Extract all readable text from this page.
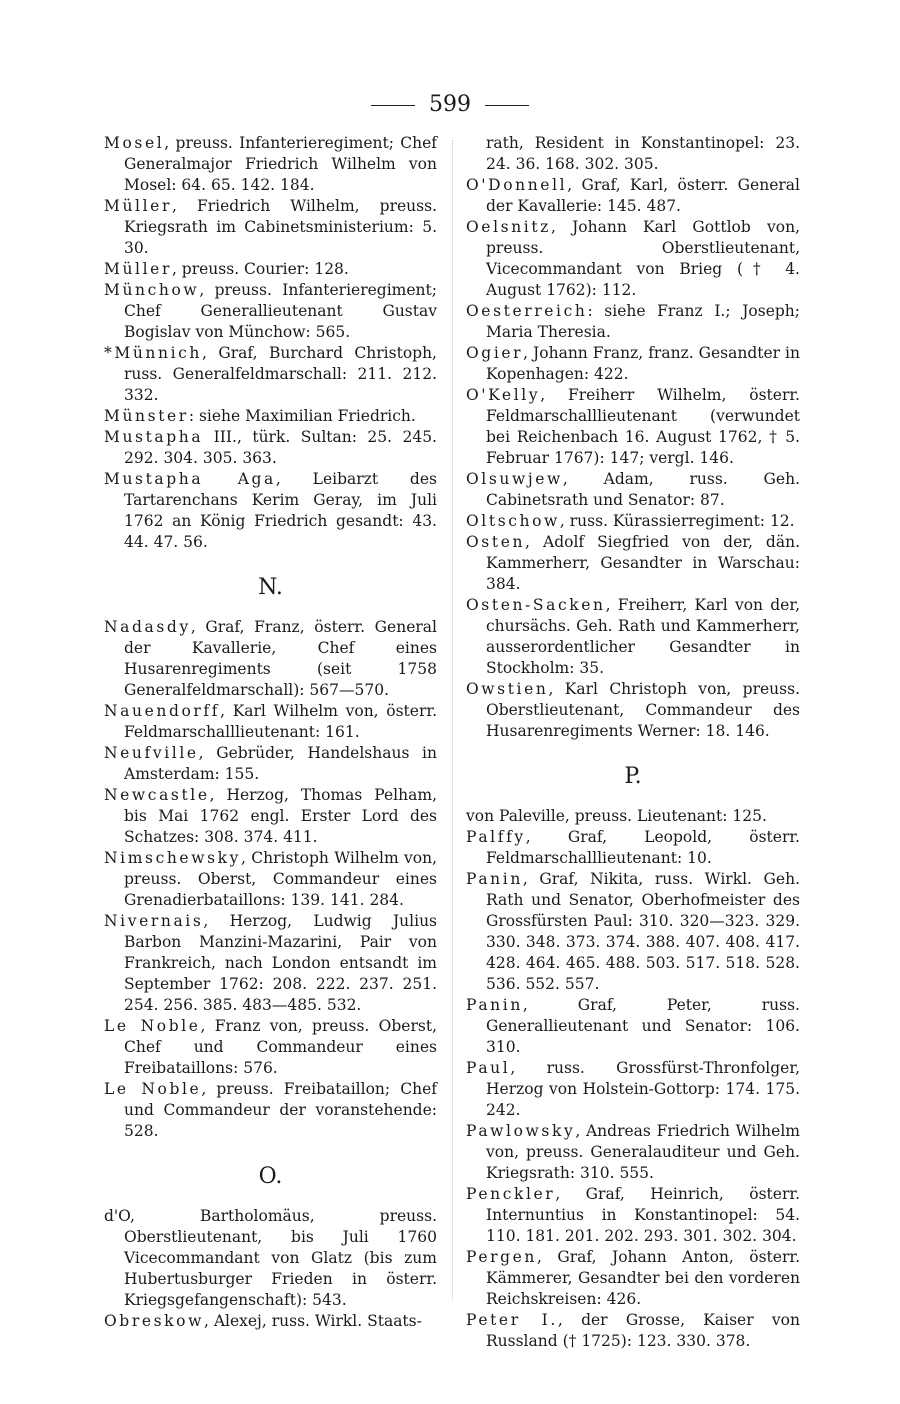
599
Mosel, preuss. Infanterieregiment; Chef Generalmajor Friedrich Wilhelm von Mosel: 64. 65. 142. 184.
Müller, Friedrich Wilhelm, preuss. Kriegsrath im Cabinetsministerium: 5. 30.
Müller, preuss. Courier: 128.
Münchow, preuss. Infanterieregiment; Chef Generallieutenant Gustav Bogislav von Münchow: 565.
*Münnich, Graf, Burchard Christoph, russ. Generalfeldmarschall: 211. 212. 332.
Münster: siehe Maximilian Friedrich.
Mustapha III., türk. Sultan: 25. 245. 292. 304. 305. 363.
Mustapha Aga, Leibarzt des Tartarenchans Kerim Geray, im Juli 1762 an König Friedrich gesandt: 43. 44. 47. 56.
N.
Nadasdy, Graf, Franz, österr. General der Kavallerie, Chef eines Husarenregiments (seit 1758 Generalfeldmarschall): 567—570.
Nauendorff, Karl Wilhelm von, österr. Feldmarschalllieutenant: 161.
Neufville, Gebrüder, Handelshaus in Amsterdam: 155.
Newcastle, Herzog, Thomas Pelham, bis Mai 1762 engl. Erster Lord des Schatzes: 308. 374. 411.
Nimschewsky, Christoph Wilhelm von, preuss. Oberst, Commandeur eines Grenadierbataillons: 139. 141. 284.
Nivernais, Herzog, Ludwig Julius Barbon Manzini-Mazarini, Pair von Frankreich, nach London entsandt im September 1762: 208. 222. 237. 251. 254. 256. 385. 483—485. 532.
Le Noble, Franz von, preuss. Oberst, Chef und Commandeur eines Freibataillons: 576.
Le Noble, preuss. Freibataillon; Chef und Commandeur der voranstehende: 528.
O.
d'O, Bartholomäus, preuss. Oberstlieutenant, bis Juli 1760 Vicecommandant von Glatz (bis zum Hubertusburger Frieden in österr. Kriegsgefangenschaft): 543.
Obreskow, Alexej, russ. Wirkl. Staats-
rath, Resident in Konstantinopel: 23. 24. 36. 168. 302. 305.
O'Donnell, Graf, Karl, österr. General der Kavallerie: 145. 487.
Oelsnitz, Johann Karl Gottlob von, preuss. Oberstlieutenant, Vicecommandant von Brieg († 4. August 1762): 112.
Oesterreich: siehe Franz I.; Joseph; Maria Theresia.
Ogier, Johann Franz, franz. Gesandter in Kopenhagen: 422.
O'Kelly, Freiherr Wilhelm, österr. Feldmarschalllieutenant (verwundet bei Reichenbach 16. August 1762, † 5. Februar 1767): 147; vergl. 146.
Olsuwjew, Adam, russ. Geh. Cabinetsrath und Senator: 87.
Oltschow, russ. Kürassierregiment: 12.
Osten, Adolf Siegfried von der, dän. Kammerherr, Gesandter in Warschau: 384.
Osten-Sacken, Freiherr, Karl von der, chursächs. Geh. Rath und Kammerherr, ausserordentlicher Gesandter in Stockholm: 35.
Owstien, Karl Christoph von, preuss. Oberstlieutenant, Commandeur des Husarenregiments Werner: 18. 146.
P.
von Paleville, preuss. Lieutenant: 125.
Palffy, Graf, Leopold, österr. Feldmarschalllieutenant: 10.
Panin, Graf, Nikita, russ. Wirkl. Geh. Rath und Senator, Oberhofmeister des Grossfürsten Paul: 310. 320—323. 329. 330. 348. 373. 374. 388. 407. 408. 417. 428. 464. 465. 488. 503. 517. 518. 528. 536. 552. 557.
Panin, Graf, Peter, russ. Generallieutenant und Senator: 106. 310.
Paul, russ. Grossfürst-Thronfolger, Herzog von Holstein-Gottorp: 174. 175. 242.
Pawlowsky, Andreas Friedrich Wilhelm von, preuss. Generalauditeur und Geh. Kriegsrath: 310. 555.
Penckler, Graf, Heinrich, österr. Internuntius in Konstantinopel: 54. 110. 181. 201. 202. 293. 301. 302. 304.
Pergen, Graf, Johann Anton, österr. Kämmerer, Gesandter bei den vorderen Reichskreisen: 426.
Peter I., der Grosse, Kaiser von Russland († 1725): 123. 330. 378.
